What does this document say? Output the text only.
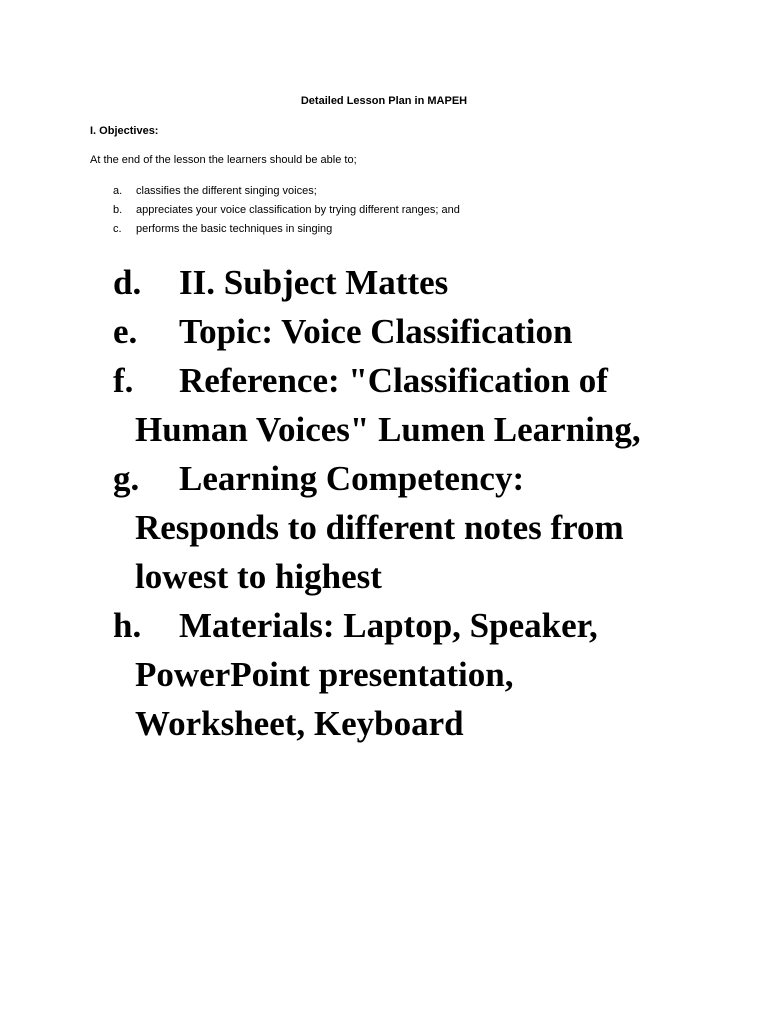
Detailed Lesson Plan in MAPEH
I. Objectives:
At the end of the lesson the learners should be able to;
a.	classifies the different singing voices;
b.	appreciates your voice classification by trying different ranges; and
c.	performs the basic techniques in singing
d.	II. Subject Mattes
e.	Topic: Voice Classification
f.	Reference: "Classification of Human Voices" Lumen Learning,
g.	Learning Competency: Responds to different notes from lowest to highest
h.	Materials: Laptop, Speaker, PowerPoint presentation, Worksheet, Keyboard
